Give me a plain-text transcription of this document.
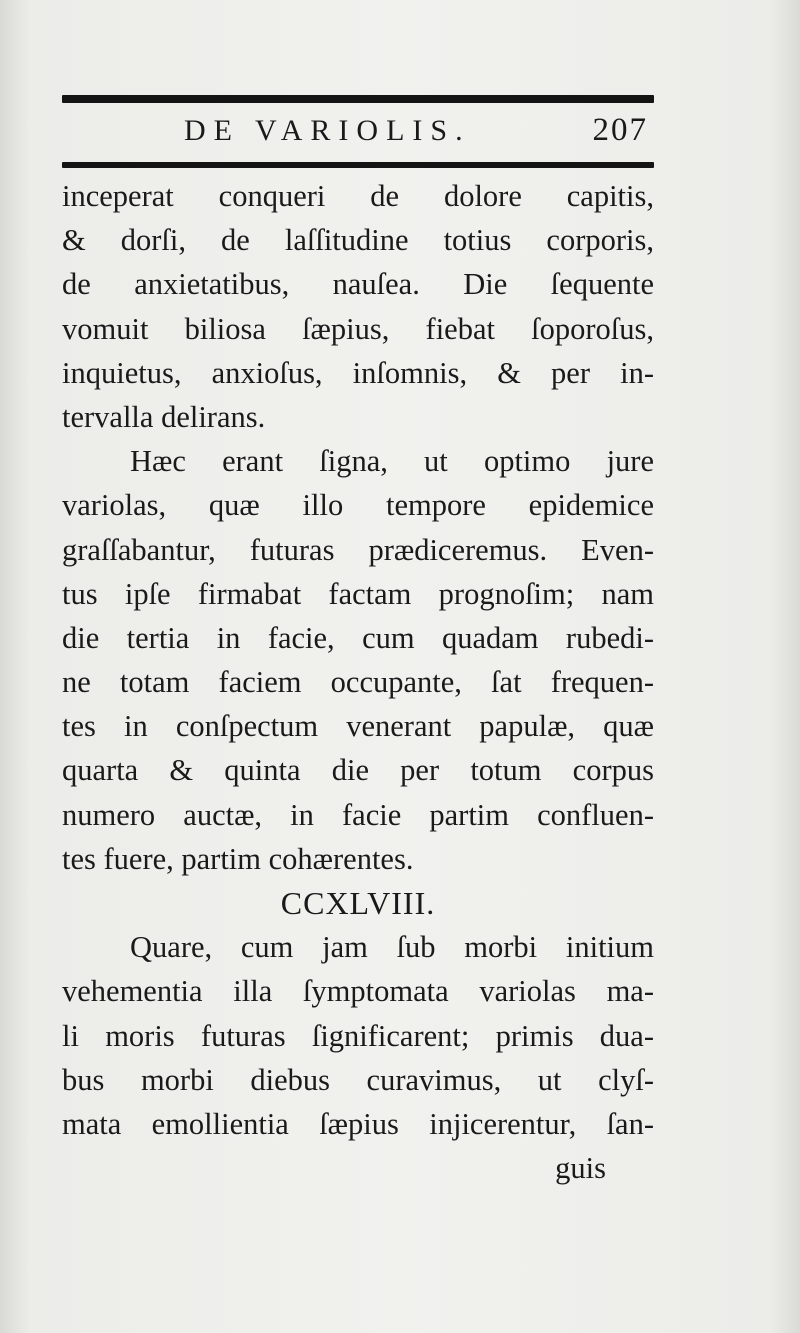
DE VARIOLIS.	207
inceperat conqueri de dolore capitis,
& dorſi, de laſſitudine totius corporis,
de anxietatibus, nauſea. Die ſequente
vomuit biliosa ſæpius, fiebat ſoporoſus,
inquietus, anxioſus, inſomnis, & per in-
tervalla delirans.
Hæc erant ſigna, ut optimo jure
variolas, quæ illo tempore epidemice
graſſabantur, futuras prædiceremus. Even-
tus ipſe firmabat factam prognoſim; nam
die tertia in facie, cum quadam rubedi-
ne totam faciem occupante, ſat frequen-
tes in conſpectum venerant papulæ, quæ
quarta & quinta die per totum corpus
numero auctæ, in facie partim confluen-
tes fuere, partim cohærentes.
CCXLVIII.
Quare, cum jam ſub morbi initium
vehementia illa ſymptomata variolas ma-
li moris futuras ſignificarent; primis dua-
bus morbi diebus curavimus, ut clyſ-
mata emollientia ſæpius injicerentur, ſan-
guis
